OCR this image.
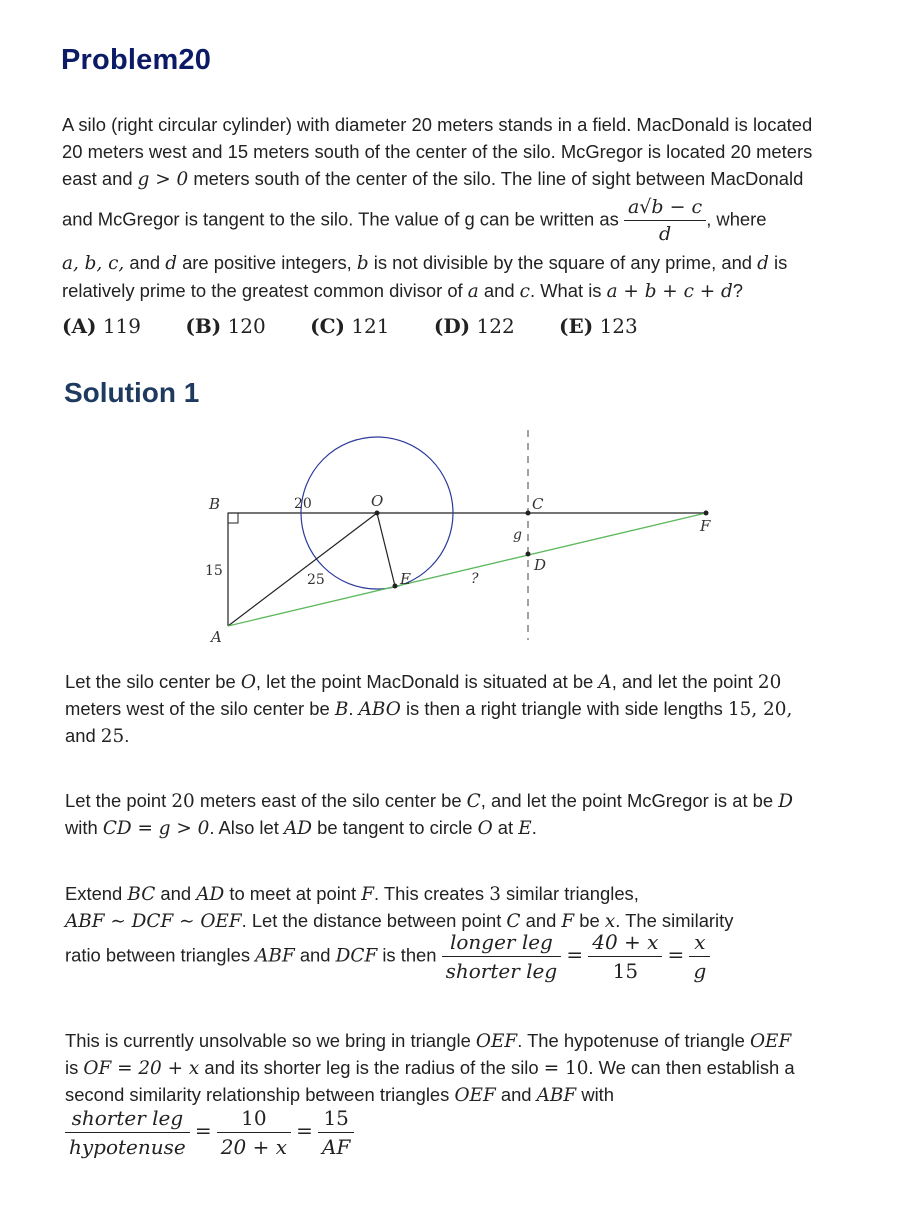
Problem20
A silo (right circular cylinder) with diameter 20 meters stands in a field. MacDonald is located
20 meters west and 15 meters south of the center of the silo. McGregor is located 20 meters
east and g > 0 meters south of the center of the silo. The line of sight between MacDonald
and McGregor is tangent to the silo. The value of g can be written as $\frac{a√b - c}{d}$ , where
a, b, c, and d are positive integers, b is not divisible by the square of any prime, and d is
relatively prime to the greatest common divisor of a and c. What is a + b + c + d?
(A) 119 (B) 120 (C) 121 (D) 122 (E) 123
Solution 1
B	O	C
F
A
E
D
g
?
20
15
25
Let the silo center be O, let the point MacDonald is situated at be A, and let the point 20
meters west of the silo center be B. ABO is then a right triangle with side lengths 15, 20,
and 25.
Let the point 20 meters east of the silo center be C, and let the point McGregor is at be D
with CD = g > 0. Also let AD be tangent to circle O at E.
Extend BC and AD to meet at point F. This creates 3 similar triangles,
ABF ∼ DCF ∼ OEF. Let the distance between point C and F be x. The similarity
ratio between triangles ABF and DCF is then $\frac{\text{longer leg}}{\text{shorter leg}} = \frac{40 + x}{15} = \frac{x}{g}$
This is currently unsolvable so we bring in triangle OEF. The hypotenuse of triangle OEF
is OF = 20 + x and its shorter leg is the radius of the silo = 10. We can then establish a
second similarity relationship between triangles OEF and ABF with
$\frac{\text{shorter leg}}{\text{hypotenuse}} = \frac{10}{20 + x} = \frac{15}{AF}$
